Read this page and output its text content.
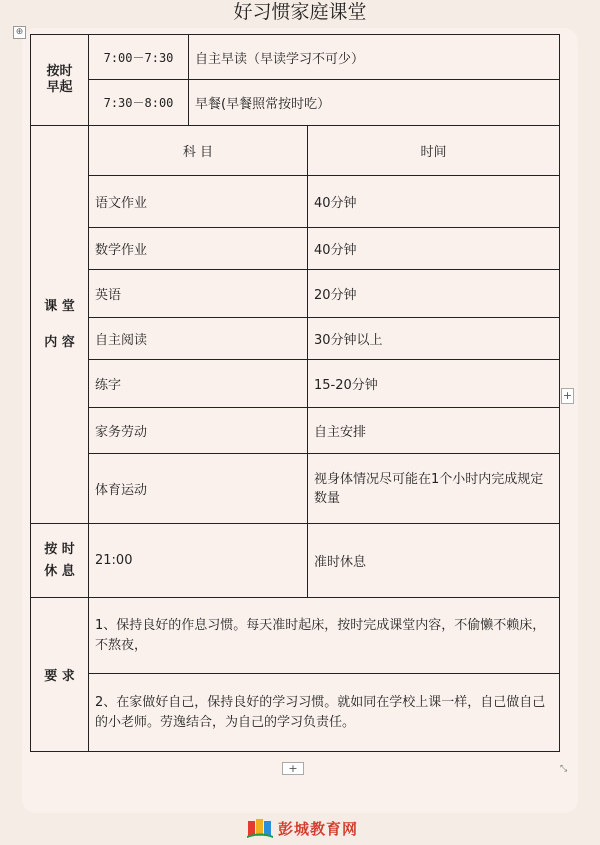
好习惯家庭课堂
⊕
按时
早起	7:00－7:30	自主早读（早读学习不可少）	
	7:30－8:00	早餐(早餐照常按时吃）	
课 堂

内 容	科 目		时间
	语文作业		40分钟
	数学作业		40分钟
	英语		20分钟
	自主阅读		30分钟以上
	练字		15-20分钟
	家务劳动		自主安排
	体育运动		视身体情况尽可能在1个小时内完成规定数量
按 时
休 息	21:00		准时休息
要 求	1、保持良好的作息习惯。每天准时起床，按时完成课堂内容，不偷懒不赖床，不熬夜，		
	2、在家做好自己，保持良好的学习习惯。就如同在学校上课一样，自己做自己的小老师。劳逸结合，为自己的学习负责任。		
+
+	⤡
彭城教育网
